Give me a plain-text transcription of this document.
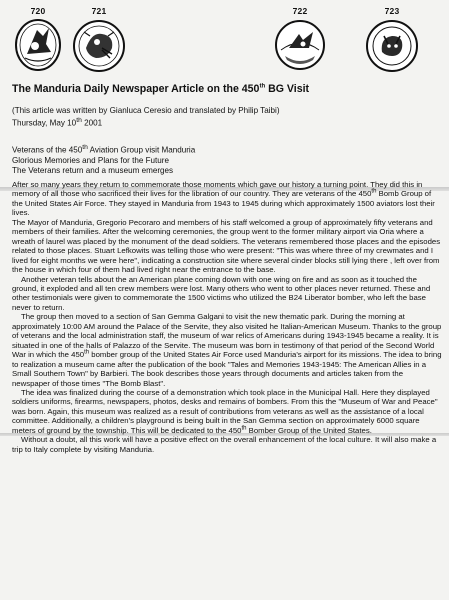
720	721	722	723
The Manduria Daily Newspaper Article on the 450th BG Visit
(This article was written by Gianluca Ceresio and translated by Philip Taibi)
Thursday, May 10th 2001
Veterans of the 450th Aviation Group visit Manduria
Glorious Memories and Plans for the Future
The Veterans return and a museum emerges

After so many years they return to commemorate those moments which gave our history a turning point. They did this in memory of all those who sacrificed their lives for the libration of our country. They are veterans of the 450th Bomb Group of the United States Air Force. They stayed in Manduria from 1943 to 1945 during which approximately 1500 aviators lost their lives.

The Mayor of Manduria, Gregorio Pecoraro and members of his staff welcomed a group of approximately fifty veterans and members of their families. After the welcoming ceremonies, the group went to the former military airport via Oria where a wreath of laurel was placed by the monument of the dead soldiers. The veterans remembered those places and the episodes related to those places. Stuart Lefkowits was telling those who were present: "This was where three of my crewmates and I lived for eight months we were here", indicating a construction site where several cinder blocks still lying there , left over from the house in which four of them had lived right near the entrance to the base.

Another veteran tells about the an American plane coming down with one wing on fire and as soon as it touched the ground, it exploded and all ten crew members were lost. Many others who went to other places never returned. These and other testimonials were given to commemorate the 1500 victims who utilized the B24 Liberator bomber, who left the base never to return.

The group then moved to a section of San Gemma Galgani to visit the new thematic park. During the morning at approximately 10:00 AM around the Palace of the Servite, they also visited he Italian-American Museum. Thanks to the group of veterans and the local administration staff, the museum of war relics of Americans during 1943-1945 became a reality. It is situated in one of the halls of Palazzo of the Servite. The museum was born in testimony of that period of the Second World War in which the 450th bomber group of the United States Air Force used Manduria's airport for its missions. The idea to bring to realization a museum came after the publication of the book "Tales and Memories 1943-1945: The American Allies in a Small Southern Town" by Barbieri. The book describes those years through documents and articles taken from the newspaper of those times "The Bomb Blast".

The idea was finalized during the course of a demonstration which took place in the Municipal Hall. Here they displayed soldiers uniforms, firearms, newspapers, photos, desks and remains of bombers. From this the "Museum of War and Peace" was born. Again, this museum was realized as a result of contributions from veterans as well as the assistance of a local committee. Additionally, a children's playground is being built in the San Gemma section on approximately 6000 square meters of ground by the township. This will be dedicated to the 450th Bomber Group of the United States.

Without a doubt, all this work will have a positive effect on the overall enhancement of the local culture. It will also make a trip to Italy complete by visiting Manduria.
